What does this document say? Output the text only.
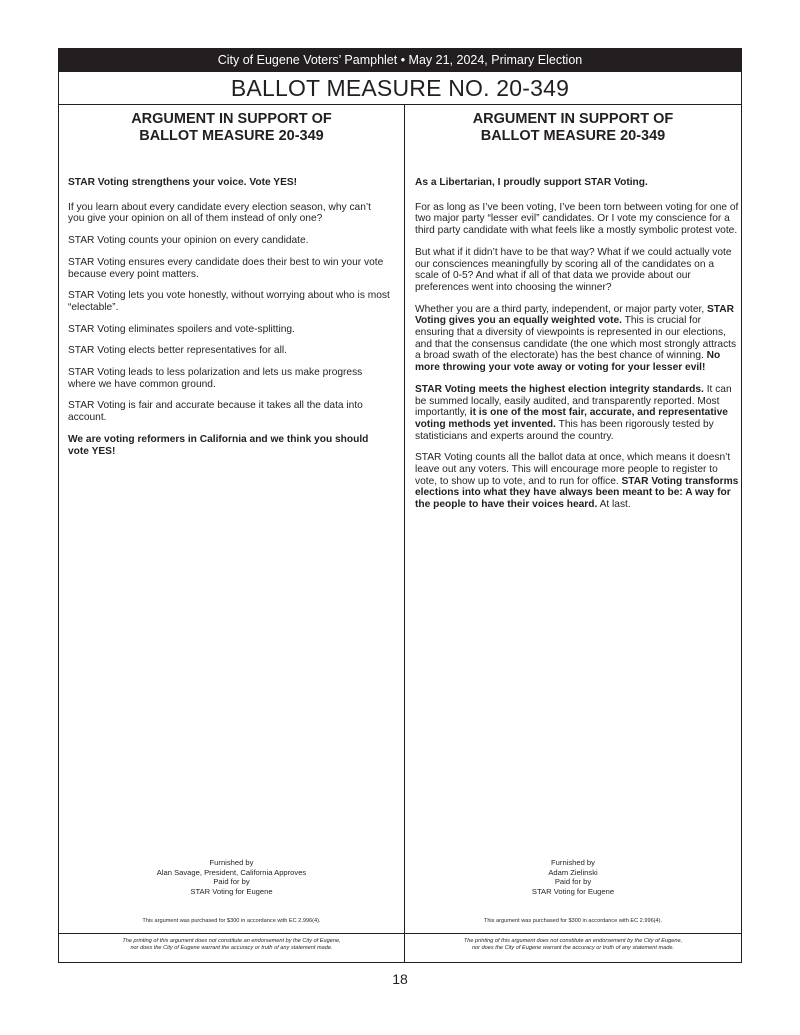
City of Eugene Voters’ Pamphlet • May 21, 2024, Primary Election
BALLOT MEASURE NO. 20-349
ARGUMENT IN SUPPORT OF
BALLOT MEASURE 20-349

STAR Voting strengthens your voice. Vote YES!

If you learn about every candidate every election season, why can’t you give your opinion on all of them instead of only one?

STAR Voting counts your opinion on every candidate.

STAR Voting ensures every candidate does their best to win your vote because every point matters.

STAR Voting lets you vote honestly, without worrying about who is most “electable”.

STAR Voting eliminates spoilers and vote-splitting.

STAR Voting elects better representatives for all.

STAR Voting leads to less polarization and lets us make progress where we have common ground.

STAR Voting is fair and accurate because it takes all the data into account.

We are voting reformers in California and we think you should vote YES!

Furnished by
Alan Savage, President, California Approves
Paid for by
STAR Voting for Eugene
This argument was purchased for $300 in accordance with EC 2.996(4).
The printing of this argument does not constitute an endorsement by the City of Eugene,
nor does the City of Eugene warrant the accuracy or truth of any statement made.
ARGUMENT IN SUPPORT OF
BALLOT MEASURE 20-349

As a Libertarian, I proudly support STAR Voting.

For as long as I’ve been voting, I’ve been torn between voting for one of two major party “lesser evil” candidates. Or I vote my conscience for a third party candidate with what feels like a mostly symbolic protest vote.

But what if it didn’t have to be that way? What if we could actually vote our consciences meaningfully by scoring all of the candidates on a scale of 0-5? And what if all of that data we provide about our preferences went into choosing the winner?

Whether you are a third party, independent, or major party voter, STAR Voting gives you an equally weighted vote. This is crucial for ensuring that a diversity of viewpoints is represented in our elections, and that the consensus candidate (the one which most strongly attracts a broad swath of the electorate) has the best chance of winning. No more throwing your vote away or voting for your lesser evil!

STAR Voting meets the highest election integrity standards. It can be summed locally, easily audited, and transparently reported. Most importantly, it is one of the most fair, accurate, and representative voting methods yet invented. This has been rigorously tested by statisticians and experts around the country.

STAR Voting counts all the ballot data at once, which means it doesn’t leave out any voters. This will encourage more people to register to vote, to show up to vote, and to run for office. STAR Voting transforms elections into what they have always been meant to be: A way for the people to have their voices heard. At last.

Furnished by
Adam Zielinski
Paid for by
STAR Voting for Eugene
This argument was purchased for $300 in accordance with EC 2.996(4).
The printing of this argument does not constitute an endorsement by the City of Eugene,
nor does the City of Eugene warrant the accuracy or truth of any statement made.
18
